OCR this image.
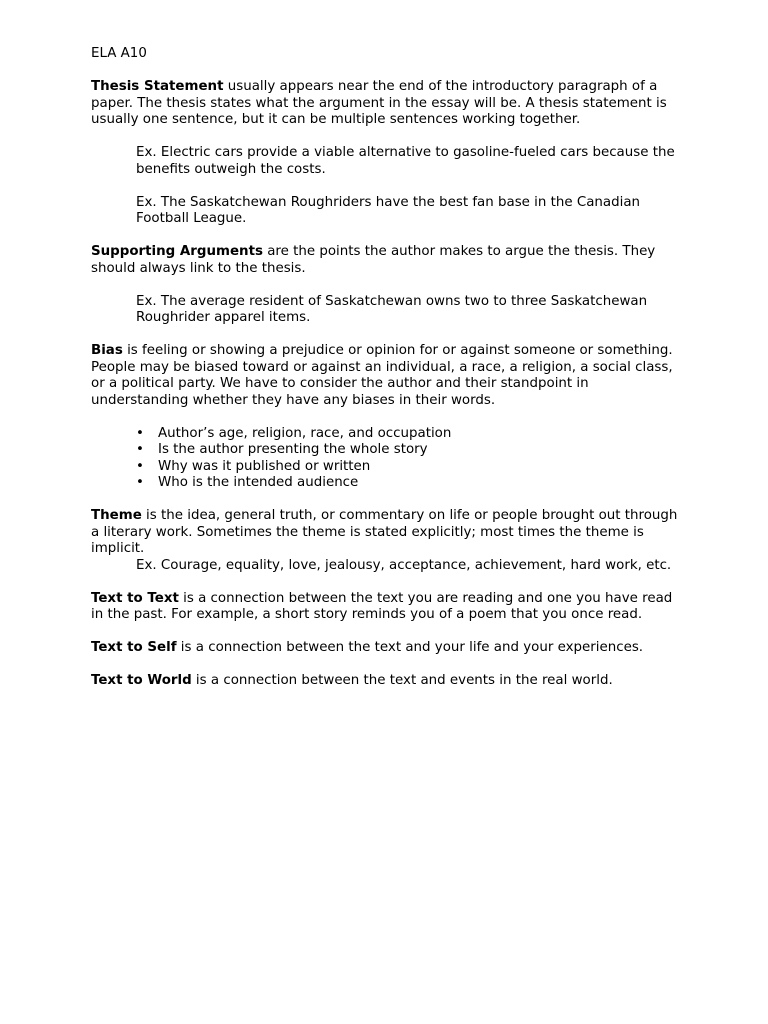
ELA A10

Thesis Statement usually appears near the end of the introductory paragraph of a paper. The thesis states what the argument in the essay will be. A thesis statement is usually one sentence, but it can be multiple sentences working together.

Ex. Electric cars provide a viable alternative to gasoline-fueled cars because the benefits outweigh the costs.

Ex. The Saskatchewan Roughriders have the best fan base in the Canadian Football League.

Supporting Arguments are the points the author makes to argue the thesis. They should always link to the thesis.

Ex. The average resident of Saskatchewan owns two to three Saskatchewan Roughrider apparel items.

Bias is feeling or showing a prejudice or opinion for or against someone or something. People may be biased toward or against an individual, a race, a religion, a social class, or a political party. We have to consider the author and their standpoint in understanding whether they have any biases in their words.

• Author’s age, religion, race, and occupation
• Is the author presenting the whole story
• Why was it published or written
• Who is the intended audience

Theme is the idea, general truth, or commentary on life or people brought out through a literary work. Sometimes the theme is stated explicitly; most times the theme is implicit.

Ex. Courage, equality, love, jealousy, acceptance, achievement, hard work, etc.

Text to Text is a connection between the text you are reading and one you have read in the past. For example, a short story reminds you of a poem that you once read.

Text to Self is a connection between the text and your life and your experiences.

Text to World is a connection between the text and events in the real world.
